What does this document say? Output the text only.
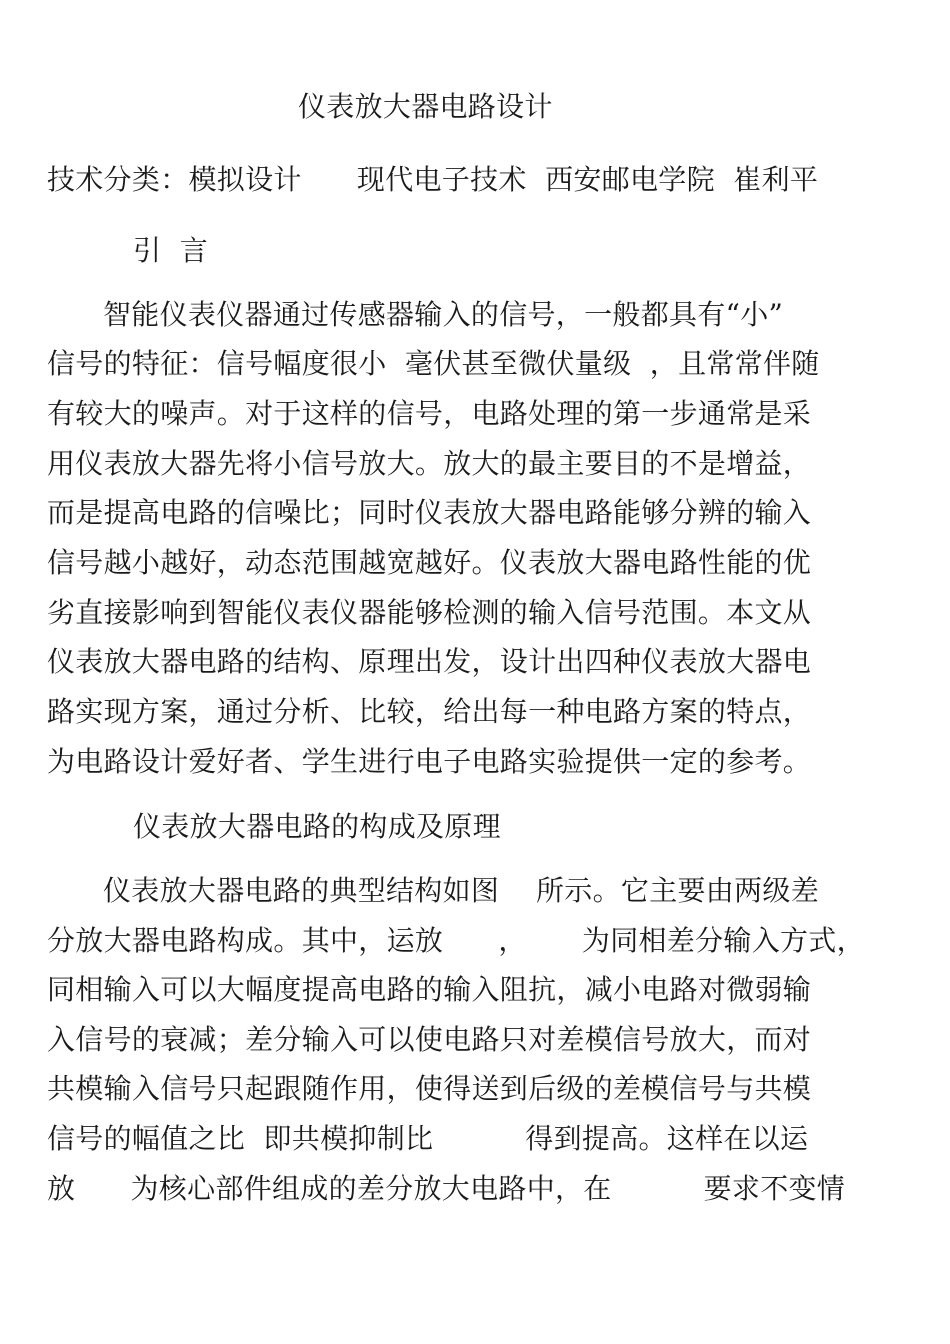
仪表放大器电路设计
技术分类：模拟设计      现代电子技术  西安邮电学院  崔利平
引  言
智能仪表仪器通过传感器输入的信号，一般都具有“小”
信号的特征：信号幅度很小  毫伏甚至微伏量级  ，且常常伴随
有较大的噪声。对于这样的信号，电路处理的第一步通常是采
用仪表放大器先将小信号放大。放大的最主要目的不是增益，
而是提高电路的信噪比；同时仪表放大器电路能够分辨的输入
信号越小越好，动态范围越宽越好。仪表放大器电路性能的优
劣直接影响到智能仪表仪器能够检测的输入信号范围。本文从
仪表放大器电路的结构、原理出发，设计出四种仪表放大器电
路实现方案，通过分析、比较，给出每一种电路方案的特点，
为电路设计爱好者、学生进行电子电路实验提供一定的参考。
仪表放大器电路的构成及原理
仪表放大器电路的典型结构如图    所示。它主要由两级差
分放大器电路构成。其中，运放      ，      为同相差分输入方式，
同相输入可以大幅度提高电路的输入阻抗，减小电路对微弱输
入信号的衰减；差分输入可以使电路只对差模信号放大，而对
共模输入信号只起跟随作用，使得送到后级的差模信号与共模
信号的幅值之比  即共模抑制比          得到提高。这样在以运
放      为核心部件组成的差分放大电路中，在          要求不变情
